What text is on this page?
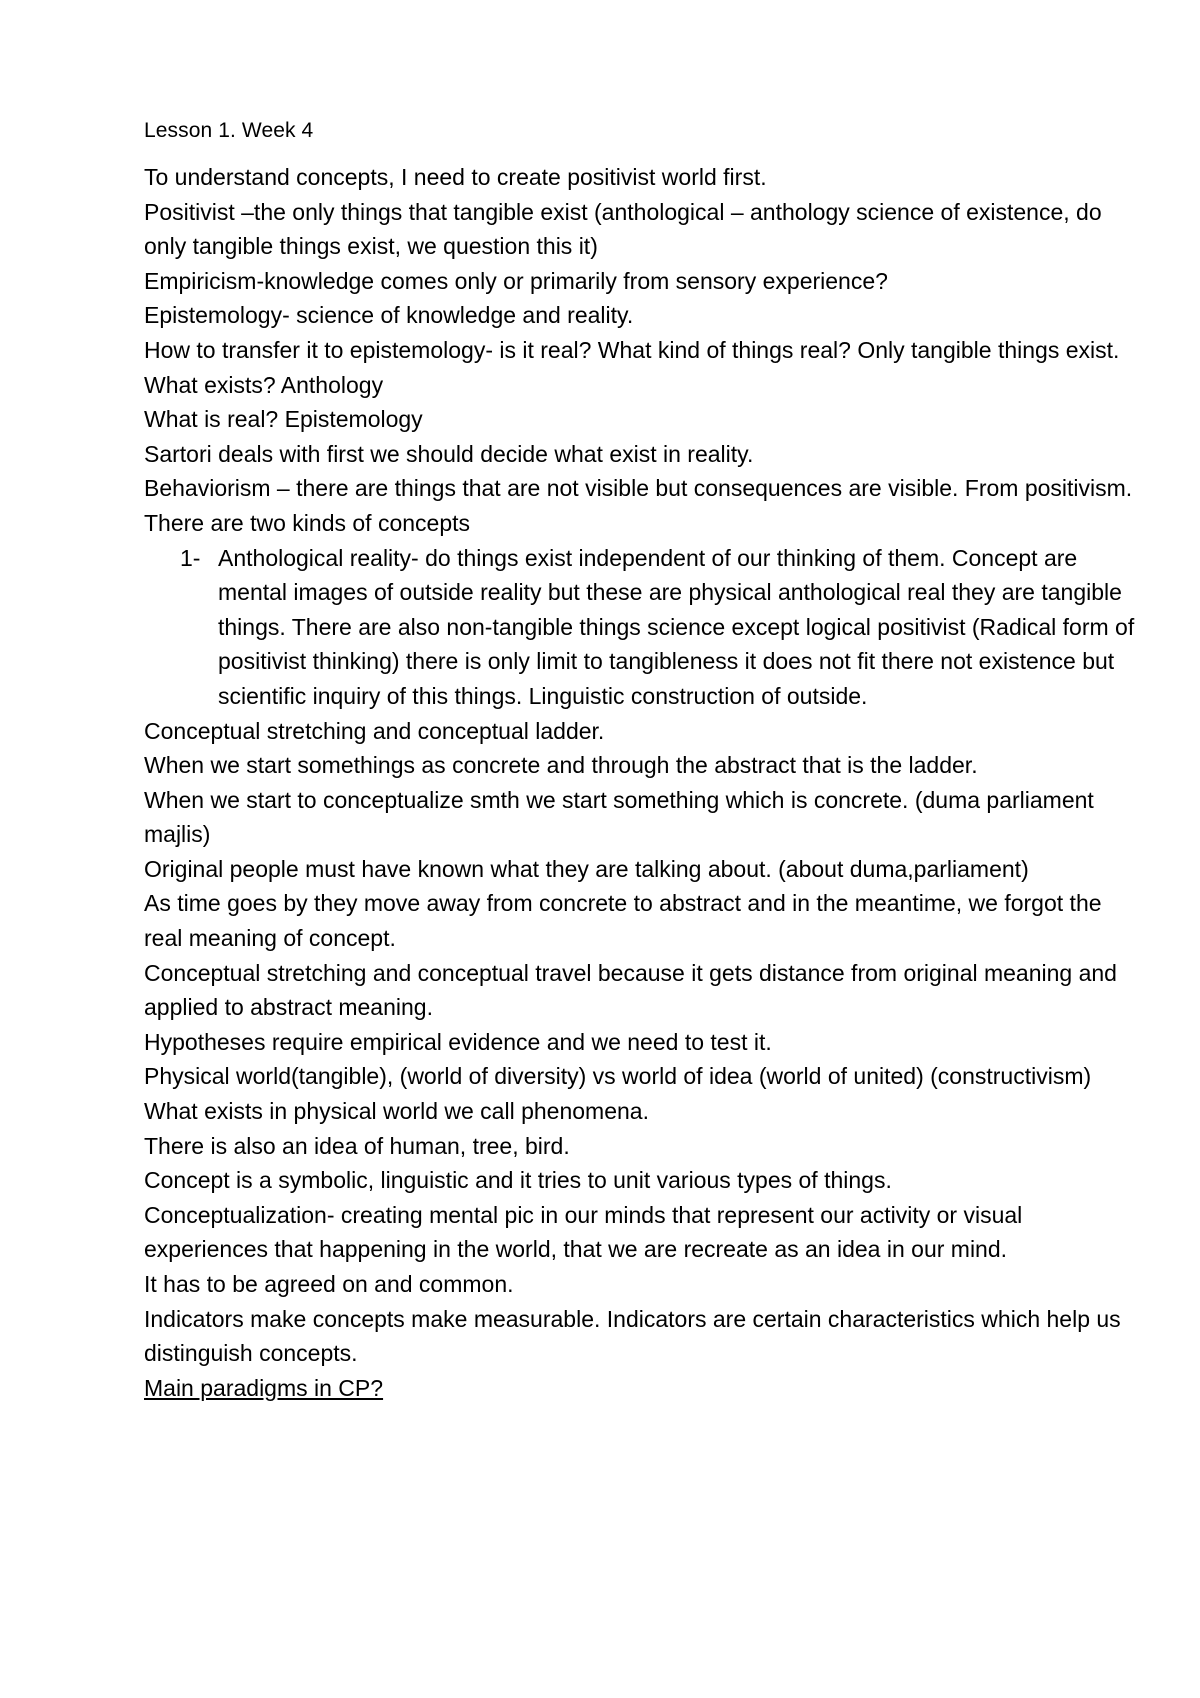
Lesson 1. Week 4

To understand concepts, I need to create positivist world first.

Positivist –the only things that tangible exist (anthological – anthology science of existence, do only tangible things exist, we question this it)

Empiricism-knowledge comes only or primarily from sensory experience?

Epistemology- science of knowledge and reality.

How to transfer it to epistemology- is it real? What kind of things real? Only tangible things exist.

What exists? Anthology

What is real? Epistemology

Sartori deals with first we should decide what exist in reality.

Behaviorism – there are things that are not visible but consequences are visible. From positivism.

There are two kinds of concepts

1- Anthological reality- do things exist independent of our thinking of them. Concept are mental images of outside reality but these are physical anthological real they are tangible things. There are also non-tangible things science except logical positivist (Radical form of positivist thinking) there is only limit to tangibleness it does not fit there not existence but scientific inquiry of this things. Linguistic construction of outside.

Conceptual stretching and conceptual ladder.

When we start somethings as concrete and through the abstract that is the ladder.

When we start to conceptualize smth we start something which is concrete. (duma parliament majlis)

Original people must have known what they are talking about. (about duma,parliament)

As time goes by they move away from concrete to abstract and in the meantime, we forgot the real meaning of concept.

Conceptual stretching and conceptual travel because it gets distance from original meaning and applied to abstract meaning.

Hypotheses require empirical evidence and we need to test it.

Physical world(tangible), (world of diversity) vs world of idea (world of united) (constructivism)

What exists in physical world we call phenomena.

There is also an idea of human, tree, bird.

Concept is a symbolic, linguistic and it tries to unit various types of things.

Conceptualization- creating mental pic in our minds that represent our activity or visual experiences that happening in the world, that we are recreate as an idea in our mind.

It has to be agreed on and common.

Indicators make concepts make measurable. Indicators are certain characteristics which help us distinguish concepts.

Main paradigms in CP?
